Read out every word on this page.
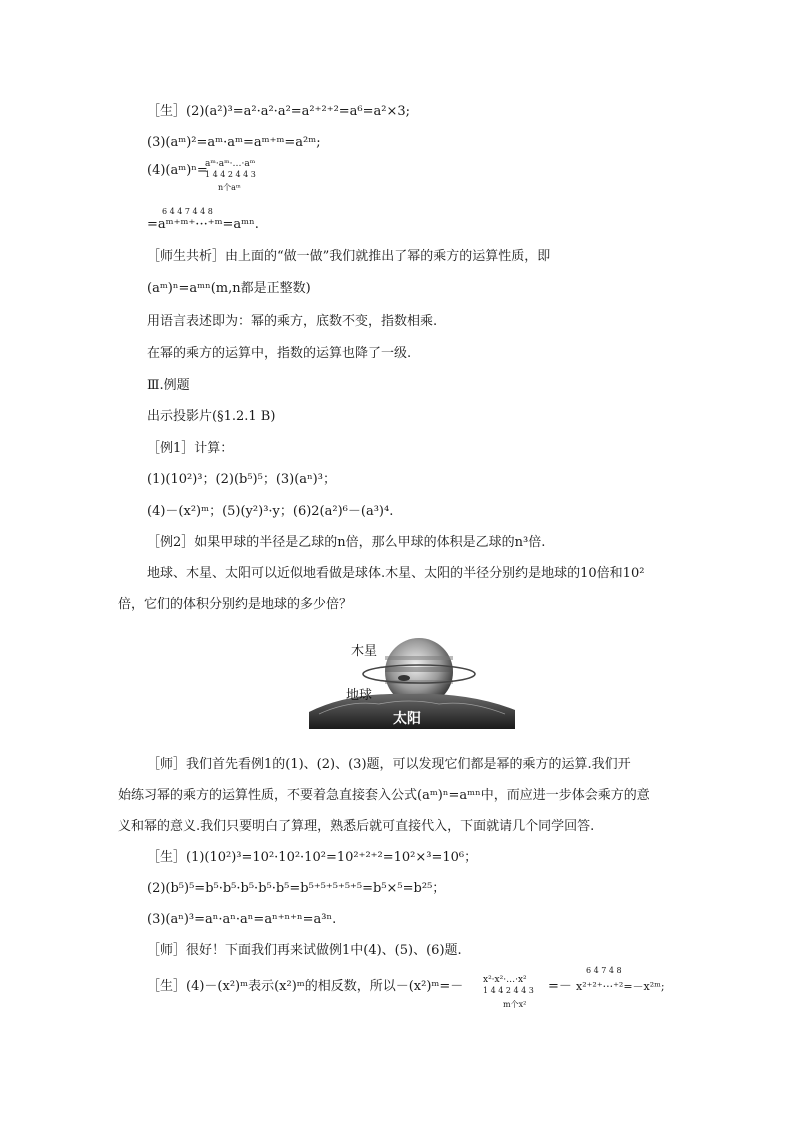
［生］(2)(a²)³=a²·a²·a²=a²⁺²⁺²=a⁶=a²×3;
(3)(aᵐ)²=aᵐ·aᵐ=aᵐ⁺ᵐ=a²ᵐ;
(4)(aᵐ)ⁿ=
aᵐ·aᵐ·…·aᵐ
1 4 4 2 4 4 3
n个aᵐ
6 4 4 7 4 4 8
=aᵐ⁺ᵐ⁺···⁺ᵐ=aᵐⁿ.
［师生共析］由上面的“做一做”我们就推出了幂的乘方的运算性质，即
(aᵐ)ⁿ=aᵐⁿ(m,n都是正整数)
用语言表述即为：幂的乘方，底数不变，指数相乘.
在幂的乘方的运算中，指数的运算也降了一级.
Ⅲ.例题
出示投影片(§1.2.1 B)
［例1］计算：
(1)(10²)³；(2)(b⁵)⁵；(3)(aⁿ)³；
(4)－(x²)ᵐ；(5)(y²)³·y；(6)2(a²)⁶－(a³)⁴.
［例2］如果甲球的半径是乙球的n倍，那么甲球的体积是乙球的n³倍.
地球、木星、太阳可以近似地看做是球体.木星、太阳的半径分别约是地球的10倍和10²
倍，它们的体积分别约是地球的多少倍？
木星
地球
太阳
［师］我们首先看例1的(1)、(2)、(3)题，可以发现它们都是幂的乘方的运算.我们开
始练习幂的乘方的运算性质，不要着急直接套入公式(aᵐ)ⁿ=aᵐⁿ中，而应进一步体会乘方的意
义和幂的意义.我们只要明白了算理，熟悉后就可直接代入，下面就请几个同学回答.
［生］(1)(10²)³=10²·10²·10²=10²⁺²⁺²=10²×³=10⁶；
(2)(b⁵)⁵=b⁵·b⁵·b⁵·b⁵·b⁵=b⁵⁺⁵⁺⁵⁺⁵⁺⁵=b⁵×⁵=b²⁵；
(3)(aⁿ)³=aⁿ·aⁿ·aⁿ=aⁿ⁺ⁿ⁺ⁿ=a³ⁿ.
［师］很好！下面我们再来试做例1中(4)、(5)、(6)题.
［生］(4)－(x²)ᵐ表示(x²)ᵐ的相反数，所以－(x²)ᵐ=－ x²·x²·…·x²
1 4 4 2 4 4 3
m个x²
=－
6 4 7 4 8
x²⁺²⁺···⁺²=－x²ᵐ;
